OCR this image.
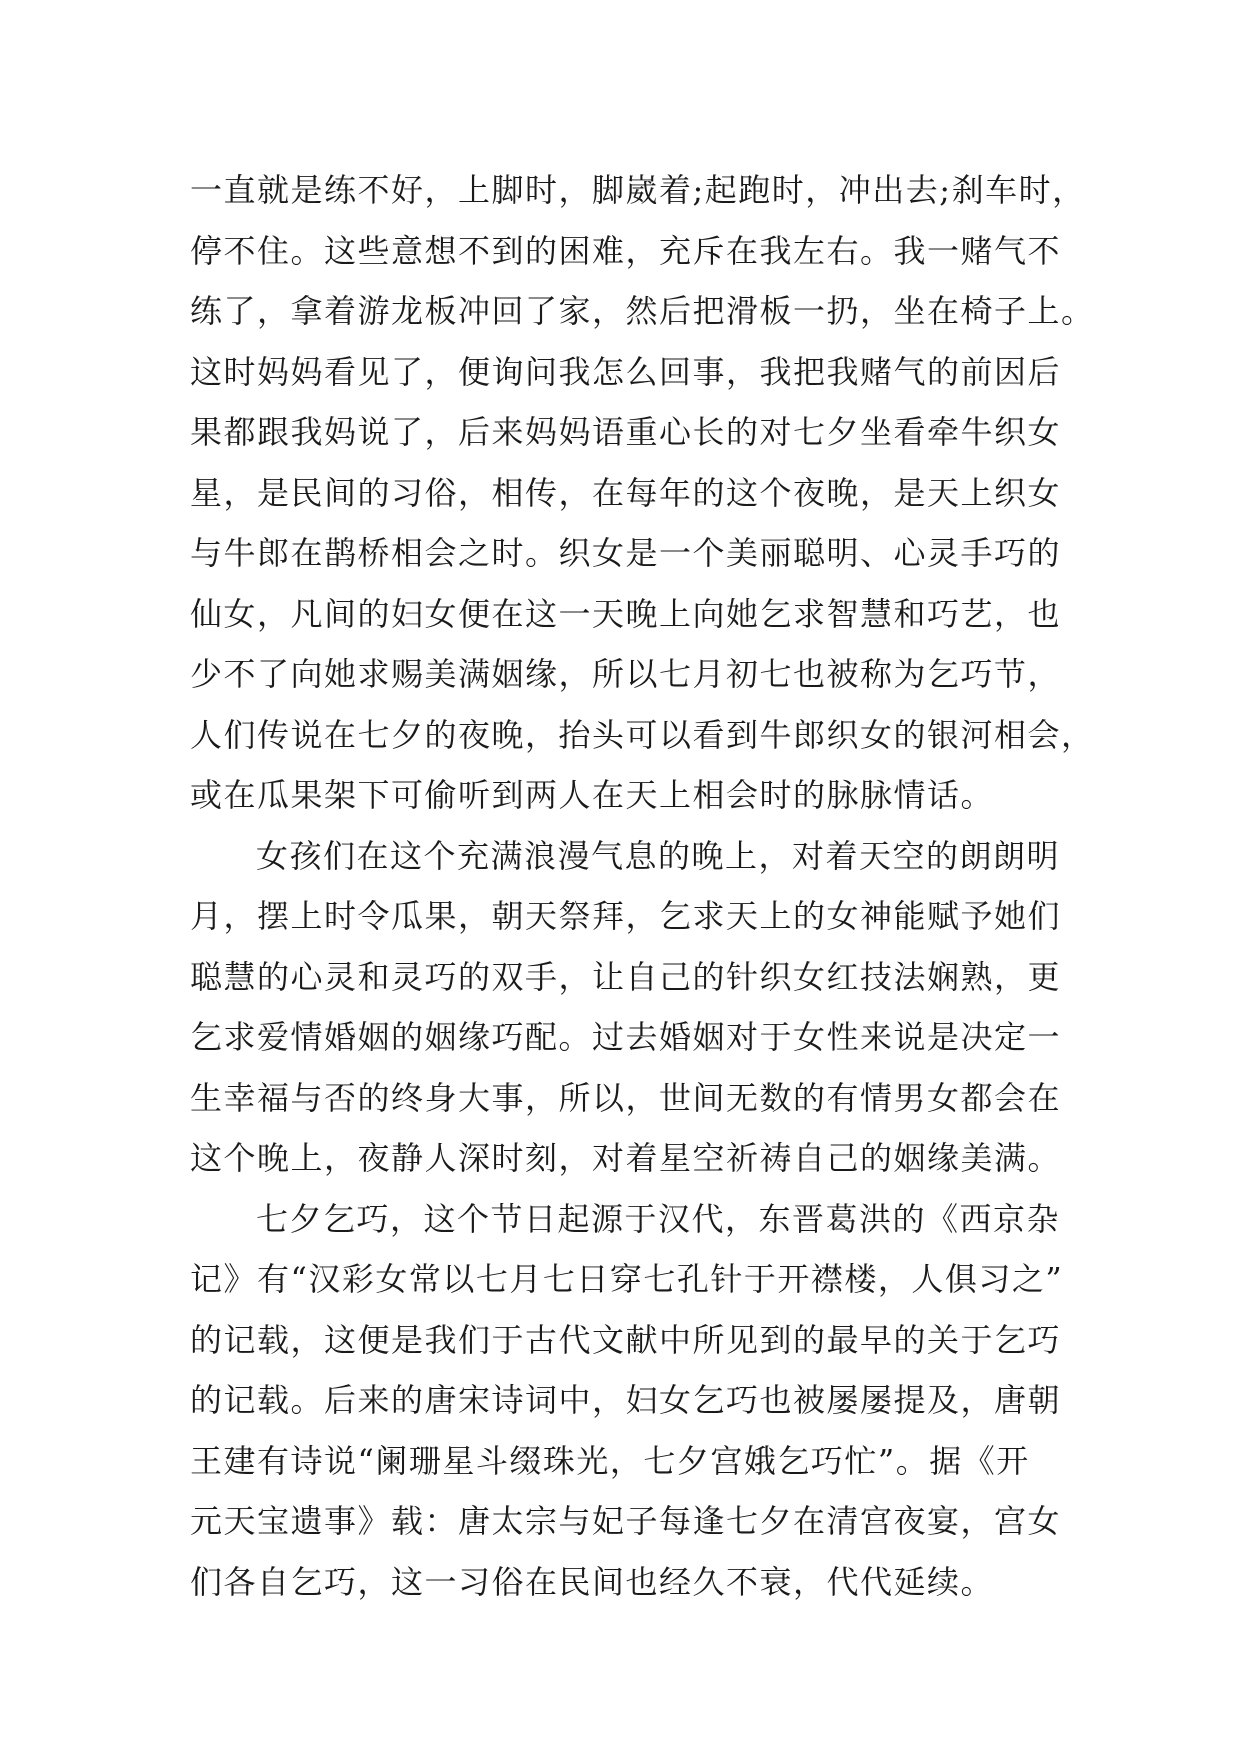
一直就是练不好，上脚时，脚崴着;起跑时，冲出去;刹车时，
停不住。这些意想不到的困难，充斥在我左右。我一赌气不
练了，拿着游龙板冲回了家，然后把滑板一扔，坐在椅子上。
这时妈妈看见了，便询问我怎么回事，我把我赌气的前因后
果都跟我妈说了，后来妈妈语重心长的对七夕坐看牵牛织女
星，是民间的习俗，相传，在每年的这个夜晚，是天上织女
与牛郎在鹊桥相会之时。织女是一个美丽聪明、心灵手巧的
仙女，凡间的妇女便在这一天晚上向她乞求智慧和巧艺，也
少不了向她求赐美满姻缘，所以七月初七也被称为乞巧节，
人们传说在七夕的夜晚，抬头可以看到牛郎织女的银河相会，
或在瓜果架下可偷听到两人在天上相会时的脉脉情话。
女孩们在这个充满浪漫气息的晚上，对着天空的朗朗明
月，摆上时令瓜果，朝天祭拜，乞求天上的女神能赋予她们
聪慧的心灵和灵巧的双手，让自己的针织女红技法娴熟，更
乞求爱情婚姻的姻缘巧配。过去婚姻对于女性来说是决定一
生幸福与否的终身大事，所以，世间无数的有情男女都会在
这个晚上，夜静人深时刻，对着星空祈祷自己的姻缘美满。
七夕乞巧，这个节日起源于汉代，东晋葛洪的《西京杂
记》有“汉彩女常以七月七日穿七孔针于开襟楼，人俱习之”
的记载，这便是我们于古代文献中所见到的最早的关于乞巧
的记载。后来的唐宋诗词中，妇女乞巧也被屡屡提及，唐朝
王建有诗说“阑珊星斗缀珠光，七夕宫娥乞巧忙”。据《开
元天宝遗事》载：唐太宗与妃子每逢七夕在清宫夜宴，宫女
们各自乞巧，这一习俗在民间也经久不衰，代代延续。
